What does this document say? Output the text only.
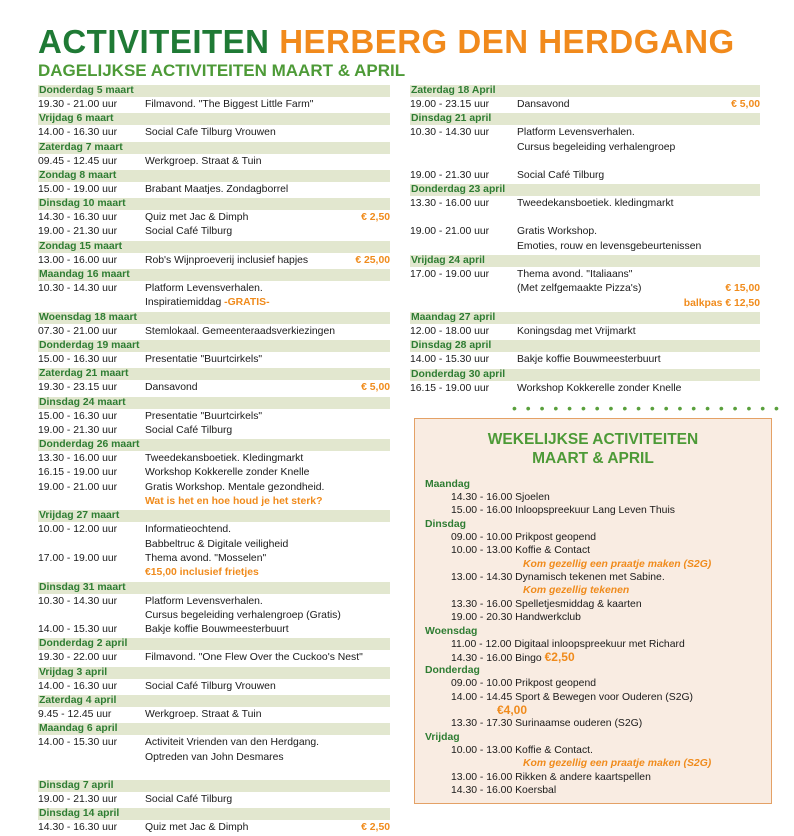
ACTIVITEITEN HERBERG DEN HERDGANG
DAGELIJKSE ACTIVITEITEN MAART & APRIL
Donderdag 5 maart
19.30 - 21.00 uur	Filmavond. "The Biggest Little Farm"
Vrijdag 6 maart
14.00 - 16.30 uur	Social Cafe Tilburg Vrouwen
Zaterdag 7 maart
09.45 - 12.45 uur	Werkgroep. Straat & Tuin
Zondag 8 maart
15.00 - 19.00 uur	Brabant Maatjes. Zondagborrel
Dinsdag 10 maart
14.30 - 16.30 uur	Quiz met Jac & Dimph	€ 2,50
19.00 - 21.30 uur	Social Café Tilburg
Zondag 15 maart
13.00 - 16.00 uur	Rob's Wijnproeverij inclusief hapjes	€ 25,00
Maandag 16 maart
10.30 - 14.30 uur	Platform Levensverhalen.
Inspiratiemiddag -GRATIS-
Woensdag 18 maart
07.30 - 21.00 uur	Stemlokaal. Gemeenteraadsverkiezingen
Donderdag 19 maart
15.00 - 16.30 uur	Presentatie "Buurtcirkels"
Zaterdag 21 maart
19.30 - 23.15 uur	Dansavond	€ 5,00
Dinsdag 24 maart
15.00 - 16.30 uur	Presentatie "Buurtcirkels"
19.00 - 21.30 uur	Social Café Tilburg
Donderdag 26 maart
13.30 - 16.00 uur	Tweedekansboetiek. Kledingmarkt
16.15 - 19.00 uur	Workshop Kokkerelle zonder Knelle
19.00 - 21.00 uur	Gratis Workshop. Mentale gezondheid.
Wat is het en hoe houd je het sterk?
Vrijdag 27 maart
10.00 - 12.00 uur	Informatieochtend.
Babbeltruc & Digitale veiligheid
17.00 - 19.00 uur	Thema avond. "Mosselen"
€15,00 inclusief frietjes
Dinsdag 31 maart
10.30 - 14.30 uur	Platform Levensverhalen.
Cursus begeleiding verhalengroep (Gratis)
14.00 - 15.30 uur	Bakje koffie Bouwmeesterbuurt
Donderdag 2 april
19.30 - 22.00 uur	Filmavond. "One Flew Over the Cuckoo's Nest"
Vrijdag 3 april
14.00 - 16.30 uur	Social Café Tilburg Vrouwen
Zaterdag 4 april
9.45 - 12.45 uur	Werkgroep. Straat & Tuin
Maandag 6 april
14.00 - 15.30 uur	Activiteit Vrienden van den Herdgang.
Optreden van John Desmares
Dinsdag 7 april
19.00 - 21.30 uur	Social Café Tilburg
Dinsdag 14 april
14.30 - 16.30 uur	Quiz met Jac & Dimph	€ 2,50
Zaterdag 18 April
19.00 - 23.15 uur	Dansavond	€ 5,00
Dinsdag 21 april
10.30 - 14.30 uur	Platform Levensverhalen.
Cursus begeleiding verhalengroep
19.00 - 21.30 uur	Social Café Tilburg
Donderdag 23 april
13.30 - 16.00 uur	Tweedekansboetiek. kledingmarkt
19.00 - 21.00 uur	Gratis Workshop.
Emoties, rouw en levensgebeurtenissen
Vrijdag 24 april
17.00 - 19.00 uur	Thema avond. "Italiaans"
(Met zelfgemaakte Pizza's)	€ 15,00
balkpas € 12,50
Maandag 27 april
12.00 - 18.00 uur	Koningsdag met Vrijmarkt
Dinsdag 28 april
14.00 - 15.30 uur	Bakje koffie Bouwmeesterbuurt
Donderdag 30 april
16.15 - 19.00 uur	Workshop Kokkerelle zonder Knelle
• • • • • • • • • • • • • • • • • • • •
WEKELIJKSE ACTIVITEITEN
MAART & APRIL
Maandag
14.30 - 16.00 Sjoelen
15.00 - 16.00 Inloopspreekuur Lang Leven Thuis
Dinsdag
09.00 - 10.00 Prikpost geopend
10.00 - 13.00 Koffie & Contact
Kom gezellig een praatje maken (S2G)
13.00 - 14.30 Dynamisch tekenen met Sabine.
Kom gezellig tekenen
13.30 - 16.00 Spelletjesmiddag & kaarten
19.00 - 20.30 Handwerkclub
Woensdag
11.00 - 12.00 Digitaal inloopspreekuur met Richard
14.30 - 16.00 Bingo €2,50
Donderdag
09.00 - 10.00 Prikpost geopend
14.00 - 14.45 Sport & Bewegen voor Ouderen (S2G)
€4,00
13.30 - 17.30 Surinaamse ouderen (S2G)
Vrijdag
10.00 - 13.00 Koffie & Contact.
Kom gezellig een praatje maken (S2G)
13.00 - 16.00 Rikken & andere kaartspellen
14.30 - 16.00 Koersbal
